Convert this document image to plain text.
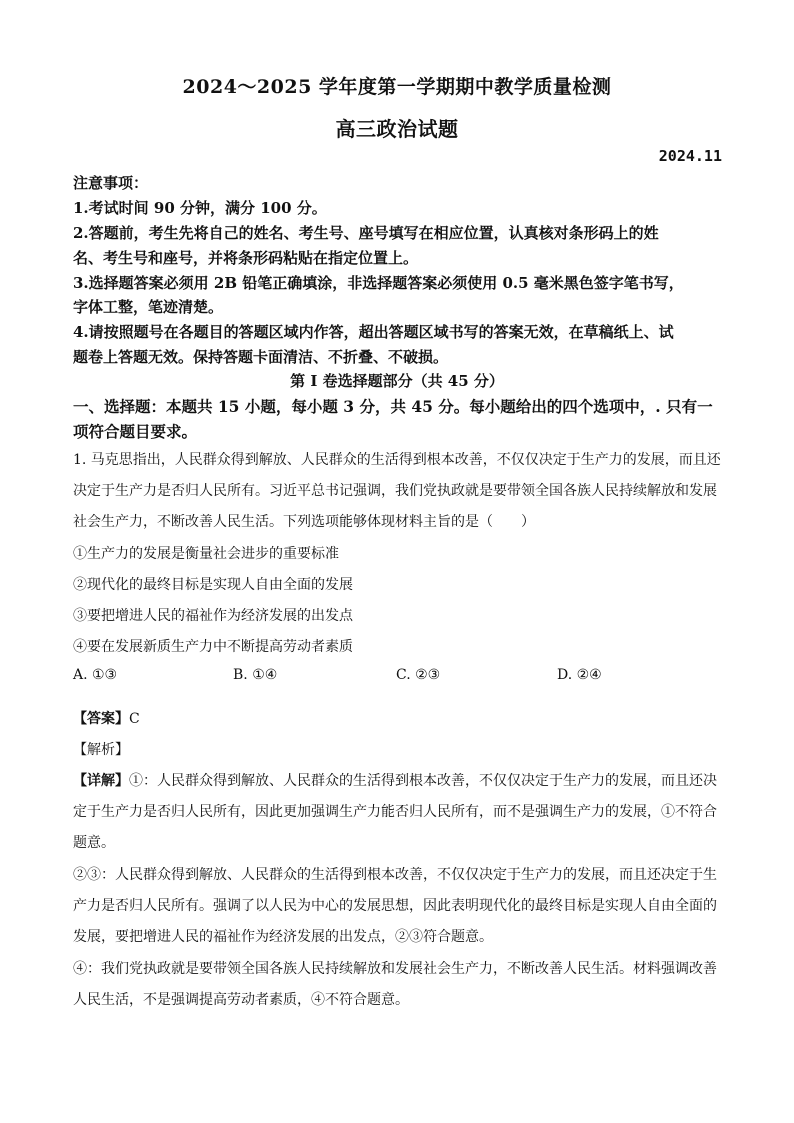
2024～2025 学年度第一学期期中教学质量检测
高三政治试题
2024.11
注意事项：
1.考试时间 90 分钟，满分 100 分。
2.答题前，考生先将自己的姓名、考生号、座号填写在相应位置，认真核对条形码上的姓
名、考生号和座号，并将条形码粘贴在指定位置上。
3.选择题答案必须用 2B 铅笔正确填涂，非选择题答案必须使用 0.5 毫米黑色签字笔书写，
字体工整，笔迹清楚。
4.请按照题号在各题目的答题区域内作答，超出答题区域书写的答案无效，在草稿纸上、试
题卷上答题无效。保持答题卡面清洁、不折叠、不破损。
第 I 卷选择题部分（共 45 分）
一、选择题：本题共 15 小题，每小题 3 分，共 45 分。每小题给出的四个选项中，. 只有一
项符合题目要求。
1. 马克思指出，人民群众得到解放、人民群众的生活得到根本改善，不仅仅决定于生产力的发展，而且还
决定于生产力是否归人民所有。习近平总书记强调，我们党执政就是要带领全国各族人民持续解放和发展
社会生产力，不断改善人民生活。下列选项能够体现材料主旨的是（　　）
①生产力的发展是衡量社会进步的重要标准
②现代化的最终目标是实现人自由全面的发展
③要把增进人民的福祉作为经济发展的出发点
④要在发展新质生产力中不断提高劳动者素质
A. ①③	B. ①④	C. ②③	D. ②④
【答案】C
【解析】
【详解】①：人民群众得到解放、人民群众的生活得到根本改善，不仅仅决定于生产力的发展，而且还决
定于生产力是否归人民所有，因此更加强调生产力能否归人民所有，而不是强调生产力的发展，①不符合
题意。
②③：人民群众得到解放、人民群众的生活得到根本改善，不仅仅决定于生产力的发展，而且还决定于生
产力是否归人民所有。强调了以人民为中心的发展思想，因此表明现代化的最终目标是实现人自由全面的
发展，要把增进人民的福祉作为经济发展的出发点，②③符合题意。
④：我们党执政就是要带领全国各族人民持续解放和发展社会生产力，不断改善人民生活。材料强调改善
人民生活，不是强调提高劳动者素质，④不符合题意。
